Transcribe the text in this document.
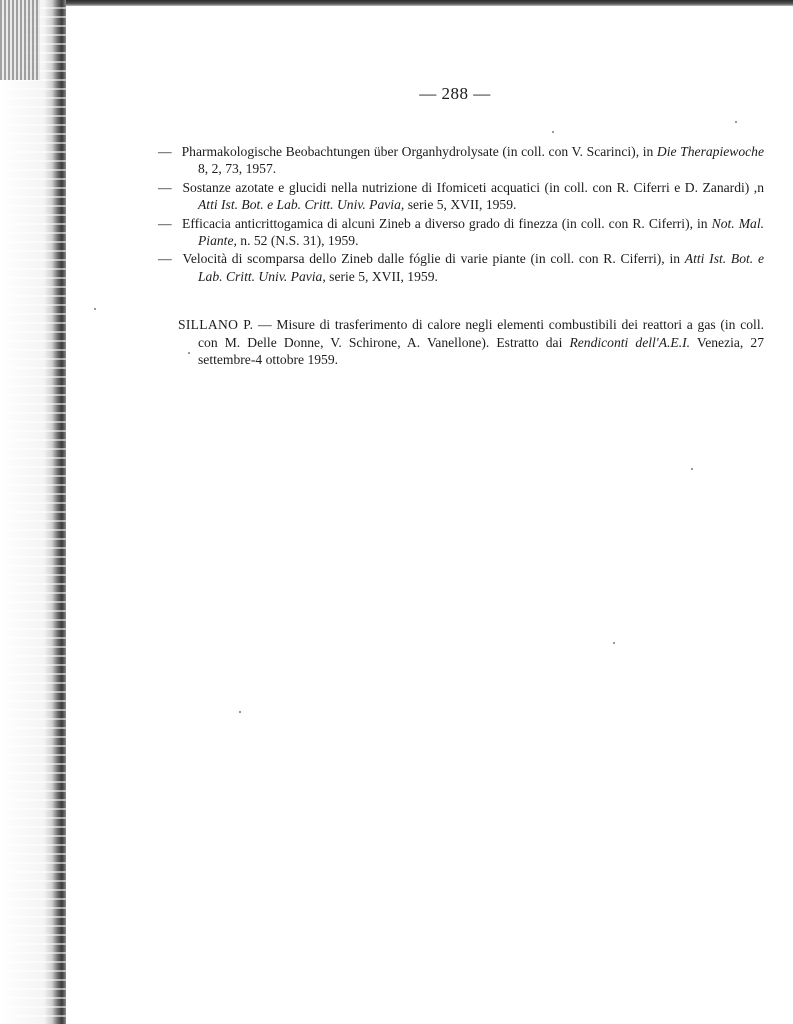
— 288 —

— Pharmakologische Beobachtungen über Organhydrolysate (in coll. con V. Scarinci), in Die Therapiewoche 8, 2, 73, 1957.

— Sostanze azotate e glucidi nella nutrizione di Ifomiceti acquatici (in coll. con R. Ciferri e D. Zanardi) ,n Atti Ist. Bot. e Lab. Critt. Univ. Pavia, serie 5, XVII, 1959.

— Efficacia anticrittogamica di alcuni Zineb a diverso grado di finezza (in coll. con R. Ciferri), in Not. Mal. Piante, n. 52 (N.S. 31), 1959.

— Velocità di scomparsa dello Zineb dalle fóglie di varie piante (in coll. con R. Ciferri), in Atti Ist. Bot. e Lab. Critt. Univ. Pavia, serie 5, XVII, 1959.

SILLANO P. — Misure di trasferimento di calore negli elementi combustibili dei reattori a gas (in coll. con M. Delle Donne, V. Schirone, A. Vanellone). Estratto dai Rendiconti dell'A.E.I. Venezia, 27 settembre-4 ottobre 1959.
